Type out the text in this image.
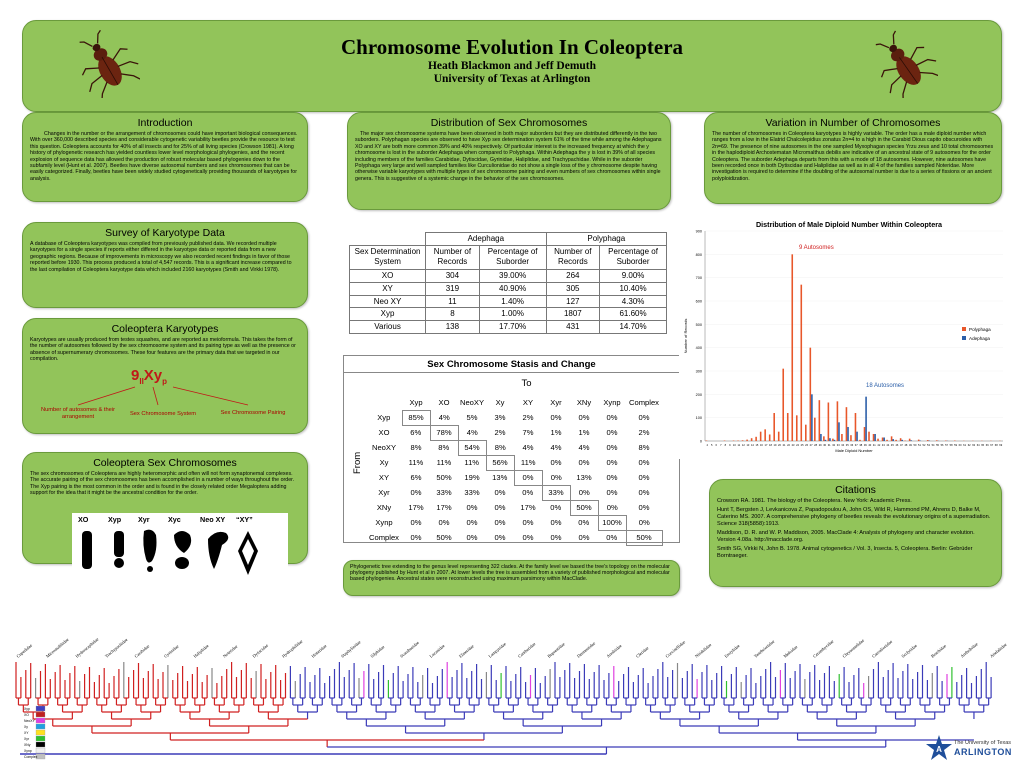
Chromosome Evolution In Coleoptera
Heath Blackmon and Jeff Demuth
University of Texas at Arlington
Introduction

Changes in the number or the arrangement of chromosomes could have important biological consequences. With over 360,000 described species and considerable cytogenetic variability beetles provide the resource to test this question. Coleoptera accounts for 40% of all insects and for 25% of all living species (Crowson 1981). A long history of phylogenetic research has yielded countless lower level morphological phylogenies, and the recent explosion of sequence data has allowed the production of robust molecular based phylogenies down to the subfamily level (Hunt et al. 2007). Beetles have diverse autosomal numbers and sex chromosomes that can be easily categorized. Finally, beetles have been widely studied cytogenetically providing thousands of karyotypes for analysis.

Survey of Karyotype Data

A database of Coleoptera karyotypes was compiled from previously published data. We recorded multiple karyotypes for a single species if reports either differed in the karyotype data or reported data from a new geographic regions. Because of improvements in microscopy we also recorded recent findings in favor of those reported before 1930. This process produced a total of 4,547 records. This is a significant increase compared to the last compilation of Coleoptera karyotype data which included 2160 karyotypes (Smith and Virkki 1978).

Coleoptera Karyotypes

Karyotypes are usually produced from testes squashes, and are reported as meioformula. This takes the form of the number of autosomes followed by the sex chromosome system and its pairing type as well as the presence or absence of supernumerary chromosomes. These four features are the primary data that we targeted in our compilation.

$9_{II}Xy_p$
Number of autosomes & their arrangement	Sex Chromosome System	Sex Chromosome Pairing
Coleoptera Sex Chromosomes

The sex chromosomes of Coleoptera are highly heteromorphic and often will not form synaptonemal complexes. The accurate pairing of the sex chromosomes has been accomplished in a number of ways throughout the order. The Xyp pairing is the most common in the order and is found in the closely related order Megaloptera adding support for the idea that it might be the ancestral condition for the order.

XO	Xyp Xyr	Xyc	Neo XY “XY”
Distribution of Sex Chromosomes

The major sex chromosome systems have been observed in both major suborders but they are distributed differently in the two suborders. Polyphagan species are observed to have Xyp sex determination system 61% of the time while among the Adephagans XO and XY are both more common 39% and 40% respectively. Of particular interest is the increased frequency at which the y chromosome is lost in the suborder Adephaga when compared to Polyphaga. Within Adephaga the y is lost in 39% of all species including members of the families Carabidae, Dytiscidae, Gyrinidae, Haliplidae, and Trachypachidae. While in the suborder Polyphaga very large and well sampled families like Curculionidae do not show a single loss of the y chromosome despite having otherwise variable karyotypes with multiple types of sex chromosome pairing and even numbers of sex chromosomes within single genera. This is suggestive of a systemic change in the behavior of the sex chromosomes.

	Adephaga		Polyphaga	
Sex Determination System	Number of Records	Percentage of Suborder	Number of Records	Percentage of Suborder
XO	304	39.00%	264	9.00%
XY	319	40.90%	305	10.40%
Neo XY	11	1.40%	127	4.30%
Xyp	8	1.00%	1807	61.60%
Various	138	17.70%	431	14.70%
Sex Chromosome Stasis and Change
To
From
	Xyp	XO	NeoXY	Xy	XY	Xyr	XNy	Xynp	Complex
Xyp	85%	4%	5%	3%	2%	0%	0%	0%	0%
XO	6%	78%	4%	2%	7%	1%	1%	0%	2%
NeoXY	8%	8%	54%	8%	4%	4%	4%	0%	8%
Xy	11%	11%	11%	56%	11%	0%	0%	0%	0%
XY	6%	50%	19%	13%	0%	0%	13%	0%	0%
Xyr	0%	33%	33%	0%	0%	33%	0%	0%	0%
XNy	17%	17%	0%	0%	17%	0%	50%	0%	0%
Xynp	0%	0%	0%	0%	0%	0%	0%	100%	0%
Complex	0%	50%	0%	0%	0%	0%	0%	0%	50%

Phylogenetic tree extending to the genus level representing 322 clades. At the family level we based the tree's topology on the molecular phylogeny published by Hunt et al in 2007. At lower levels the tree is assembled from a variety of published morphological and molecular based phylogenies. Ancestral states were reconstructed using maximum parsimony within MacClade.

Variation in Number of Chromosomes

The number of chromosomes in Coleoptera karyotypes is highly variable. The order has a male diploid number which ranges from a low in the Elatrid Chalcolepidius zonatus 2n=4 to a high in the Carabid Dious capito obscuroides with 2n=69. The presence of nine autosomes in the one sampled Myxophagan species Yrzu zeus and 10 total chromosomes in the haplodiploid Archostematan Micromalthus debilis are indicative of an ancestral state of 9 autosomes for the order Coleoptera. The suborder Adephaga departs from this with a mode of 18 autosomes. However, nine autosomes have been recorded once in both Dytiscidae and Haliplidae as well as in all 4 of the families sampled Noteridae. More investigation is required to determine if the doubling of the autosomal number is due to a series of fissions or an ancient polyploidization.

Distribution of Male Diploid Number Within Coleoptera
0
100
200
300
400
500
600
700
800
900
4 5 6 7 8 9 10 11 12 13 14 15 16 17 18 19 20 21 22 23 24 25 26 27 28 29 30 31 32 33 34 35 36 37 38 39 40 41 42 43 44 45 46 47 48 49 50 51 52 53 54 55 56 57 58 59 60 61 62 63 64 65 66 67 68 69
Male Diploid Number
Number of Records
9 Autosomes
18 Autosomes
Polyphaga
Adephaga
Citations

Crowson RA. 1981. The biology of the Coleoptera. New York: Academic Press.

Hunt T, Bergsten J, Levkanicova Z, Papadopoulou A, John OS, Wild R, Hammond PM, Ahrens D, Balke M, Caterino MS. 2007. A comprehensive phylogeny of beetles reveals the evolutionary origins of a superradiation. Science 318(5858):1913.

Maddison, D. R. and W. P. Maddison, 2005. MacClade 4: Analysis of phylogeny and character evolution. Version 4.08a. http://macclade.org.

Smith SG, Virkki N, John B. 1978. Animal cytogenetics / Vol. 3, Insecta. 5, Coleoptera. Berlin: Gebrüder Borntraeger.

Cupedidae	Micromalthidae Hydroscaphidae Trachypachidae Carabidae	Gyrinidae	Haliplidae	Noteridae	Dytiscidae	Hydrophilidae Histeridae	Staphylinidae Silphidae	Scarabaeidae Lucanidae	Elateridae	Lampyridae Cantharidae Buprestidae Dermestidae Anobiidae	Cleridae	Coccinellidae Nitidulidae	Erotylidae	Tenebrionidae Meloidae	Cerambycidae Chrysomelidae Curculionidae Scolytidae	Bruchidae	Anthribidae Attelabidae
Xyp
XO
NeoXY
Xy
XY
Xyr
XNy
Xynp
Complex
A
The University of Texas
ARLINGTON
